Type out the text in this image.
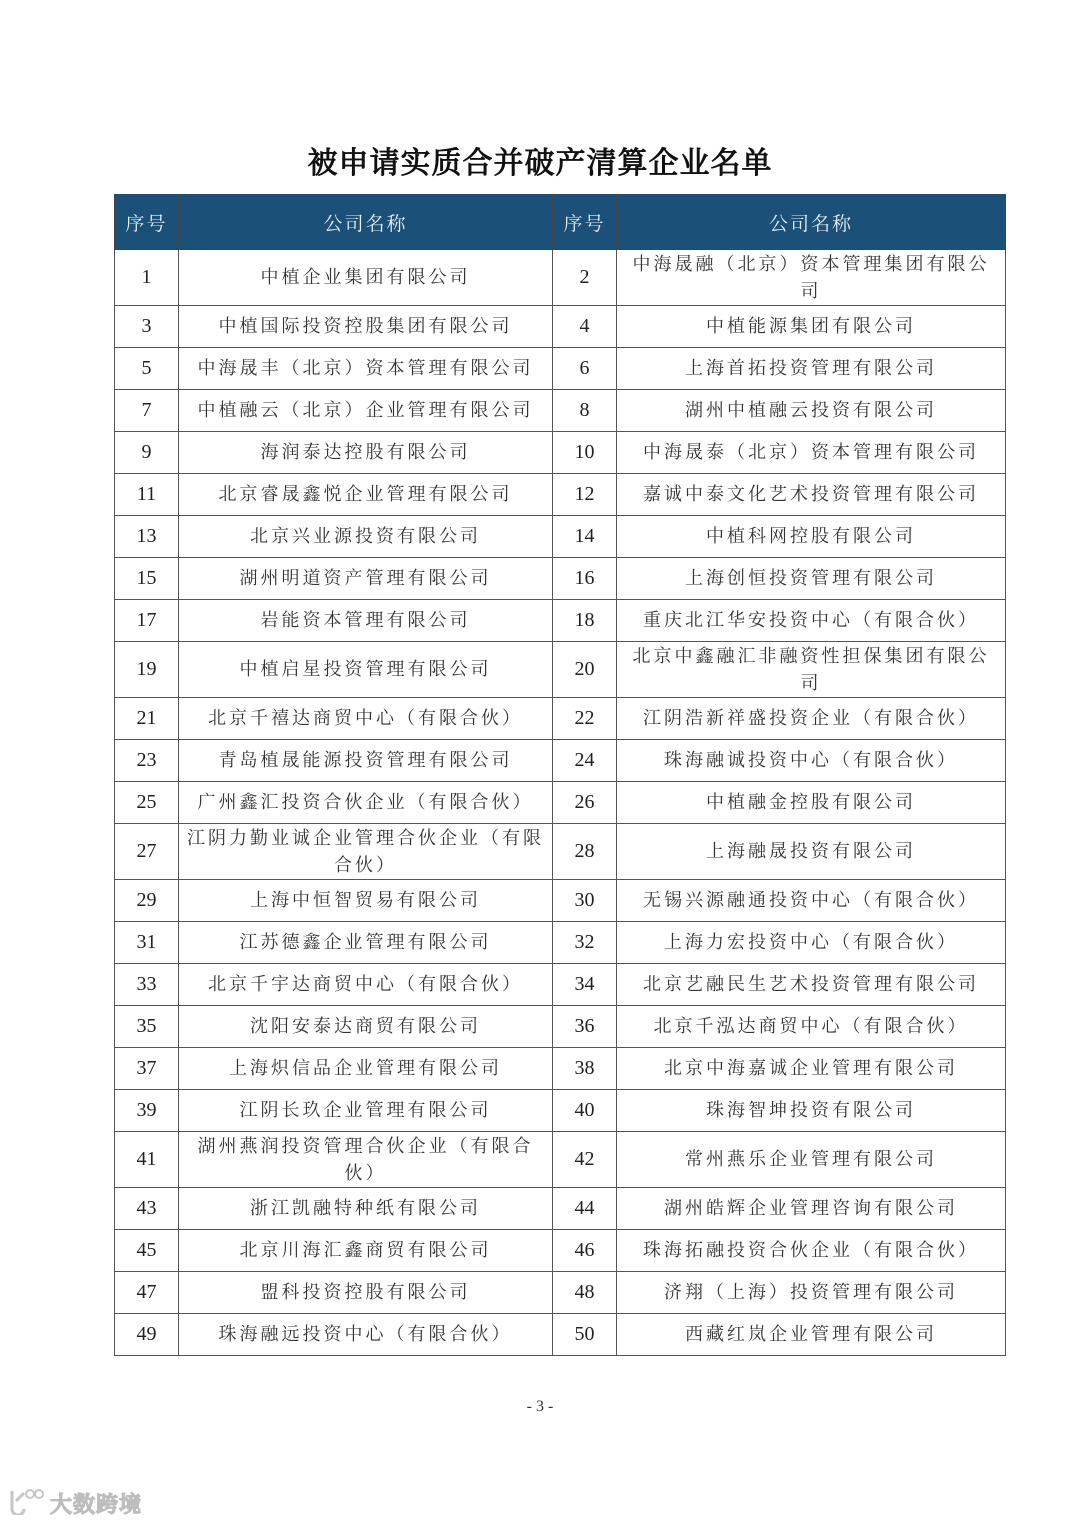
被申请实质合并破产清算企业名单
序号	公司名称	序号	公司名称
1	中植企业集团有限公司	2	中海晟融（北京）资本管理集团有限公司
3	中植国际投资控股集团有限公司	4	中植能源集团有限公司
5	中海晟丰（北京）资本管理有限公司	6	上海首拓投资管理有限公司
7	中植融云（北京）企业管理有限公司	8	湖州中植融云投资有限公司
9	海润泰达控股有限公司	10	中海晟泰（北京）资本管理有限公司
11	北京睿晟鑫悦企业管理有限公司	12	嘉诚中泰文化艺术投资管理有限公司
13	北京兴业源投资有限公司	14	中植科网控股有限公司
15	湖州明道资产管理有限公司	16	上海创恒投资管理有限公司
17	岩能资本管理有限公司	18	重庆北江华安投资中心（有限合伙）
19	中植启星投资管理有限公司	20	北京中鑫融汇非融资性担保集团有限公司
21	北京千禧达商贸中心（有限合伙）	22	江阴浩新祥盛投资企业（有限合伙）
23	青岛植晟能源投资管理有限公司	24	珠海融诚投资中心（有限合伙）
25	广州鑫汇投资合伙企业（有限合伙）	26	中植融金控股有限公司
27	江阴力勤业诚企业管理合伙企业（有限合伙）	28	上海融晟投资有限公司
29	上海中恒智贸易有限公司	30	无锡兴源融通投资中心（有限合伙）
31	江苏德鑫企业管理有限公司	32	上海力宏投资中心（有限合伙）
33	北京千宇达商贸中心（有限合伙）	34	北京艺融民生艺术投资管理有限公司
35	沈阳安泰达商贸有限公司	36	北京千泓达商贸中心（有限合伙）
37	上海炽信品企业管理有限公司	38	北京中海嘉诚企业管理有限公司
39	江阴长玖企业管理有限公司	40	珠海智坤投资有限公司
41	湖州燕润投资管理合伙企业（有限合伙）	42	常州燕乐企业管理有限公司
43	浙江凯融特种纸有限公司	44	湖州皓辉企业管理咨询有限公司
45	北京川海汇鑫商贸有限公司	46	珠海拓融投资合伙企业（有限合伙）
47	盟科投资控股有限公司	48	济翔（上海）投资管理有限公司
49	珠海融远投资中心（有限合伙）	50	西藏红岚企业管理有限公司
- 3 -
大数跨境
